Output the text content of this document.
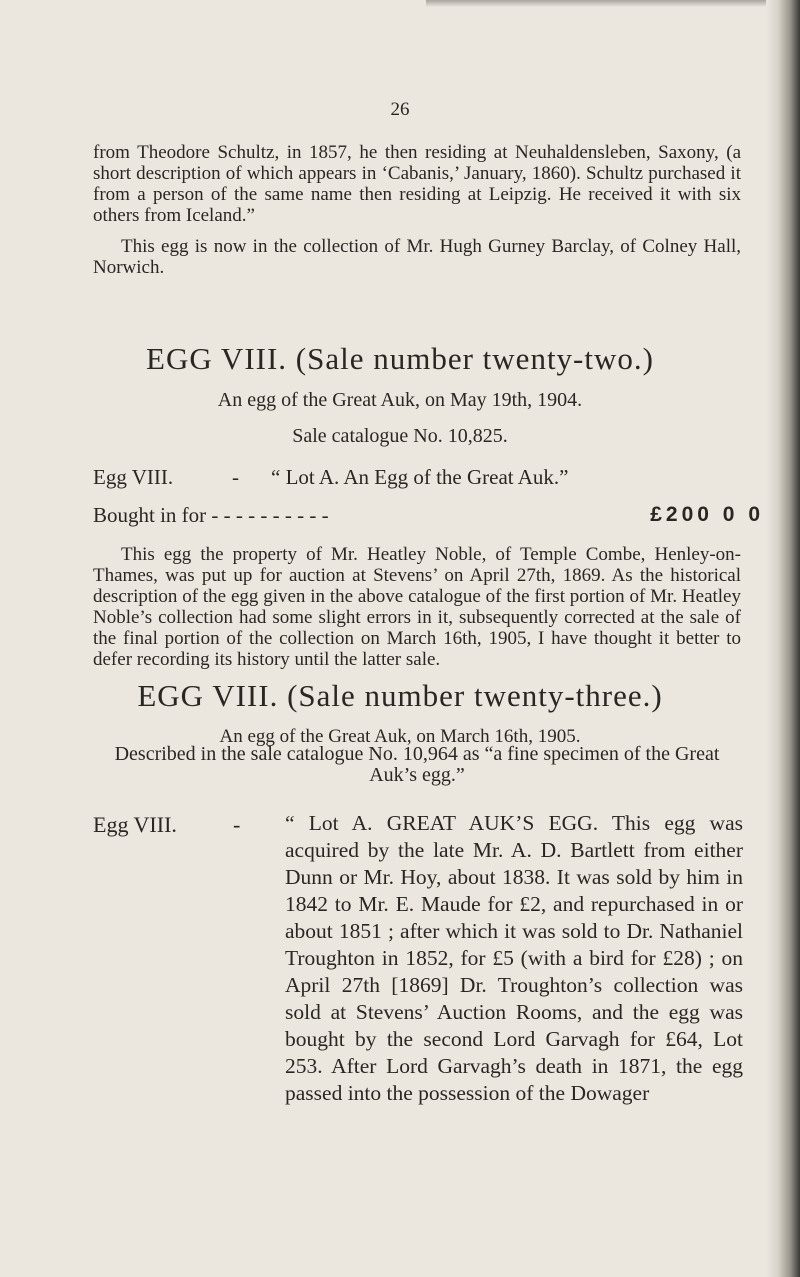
26

from Theodore Schultz, in 1857, he then residing at Neuhaldensleben, Saxony, (a short description of which appears in ‘Cabanis,’ January, 1860). Schultz purchased it from a person of the same name then residing at Leipzig. He received it with six others from Iceland.”

This egg is now in the collection of Mr. Hugh Gurney Barclay, of Colney Hall, Norwich.

EGG VIII. (Sale number twenty-two.)

An egg of the Great Auk, on May 19th, 1904.

Sale catalogue No. 10,825.

Egg VIII.	- “ Lot A. An Egg of the Great Auk.”
Bought in for - - - - - - - - - -	£200 0 0

This egg the property of Mr. Heatley Noble, of Temple Combe, Henley-on-Thames, was put up for auction at Stevens’ on April 27th, 1869. As the historical description of the egg given in the above catalogue of the first portion of Mr. Heatley Noble’s collection had some slight errors in it, subsequently corrected at the sale of the final portion of the collection on March 16th, 1905, I have thought it better to defer recording its history until the latter sale.

EGG VIII. (Sale number twenty-three.)

An egg of the Great Auk, on March 16th, 1905.

Described in the sale catalogue No. 10,964 as “a fine specimen of the Great Auk’s egg.”

Egg VIII.	- “ Lot A. GREAT AUK’S EGG. This egg was acquired by the late Mr. A. D. Bartlett from either Dunn or Mr. Hoy, about 1838. It was sold by him in 1842 to Mr. E. Maude for £2, and repurchased in or about 1851 ; after which it was sold to Dr. Nathaniel Troughton in 1852, for £5 (with a bird for £28) ; on April 27th [1869] Dr. Troughton’s collection was sold at Stevens’ Auction Rooms, and the egg was bought by the second Lord Garvagh for £64, Lot 253. After Lord Garvagh’s death in 1871, the egg passed into the possession of the Dowager
